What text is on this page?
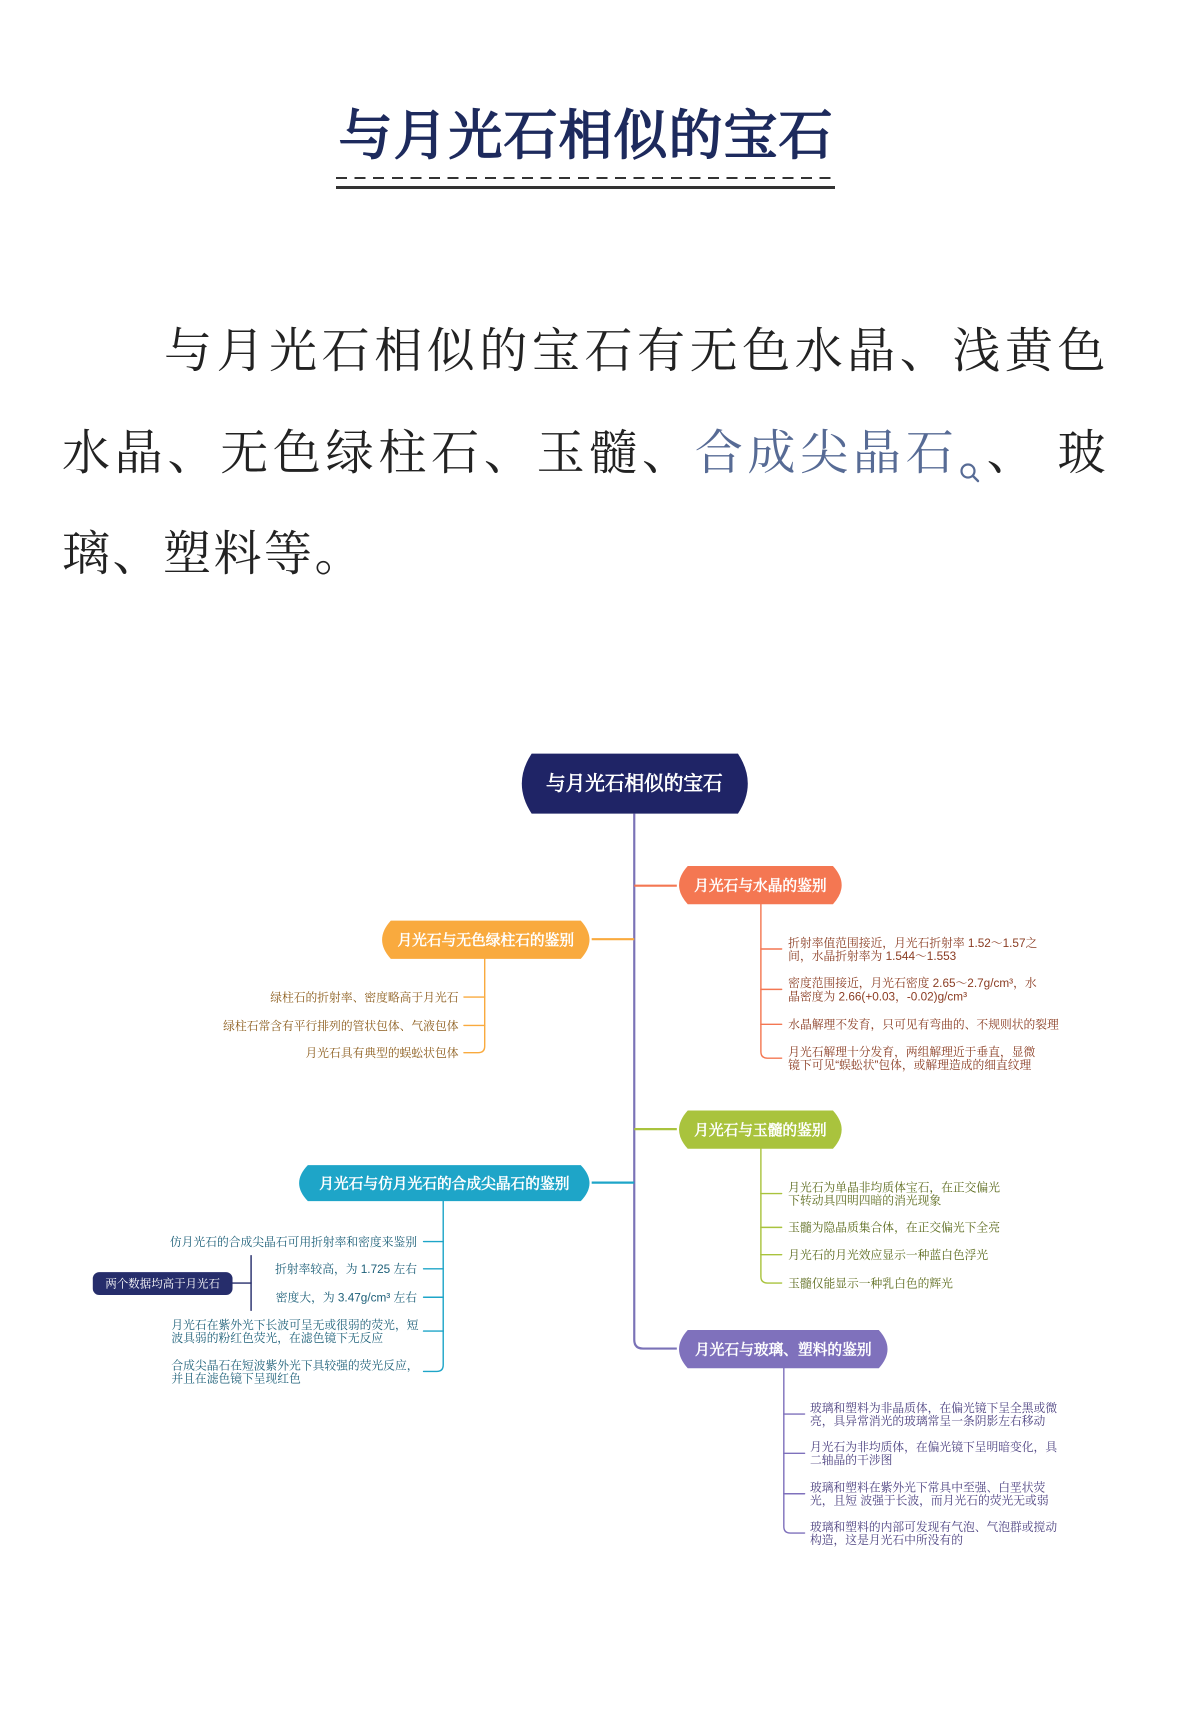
与月光石相似的宝石
与月光石相似的宝石有无色水晶、浅黄色
水晶、无色绿柱石、玉髓、合成尖晶石 、 玻
璃、塑料等。
与月光石相似的宝石
月光石与水晶的鉴别
折射率值范围接近，月光石折射率 1.52～1.57之
间，水晶折射率为 1.544～1.553
密度范围接近，月光石密度 2.65～2.7g/cm³，水
晶密度为 2.66(+0.03，-0.02)g/cm³
水晶解理不发育，只可见有弯曲的、不规则状的裂理
月光石解理十分发育，两组解理近于垂直，显微
镜下可见“蜈蚣状”包体，或解理造成的细直纹理
月光石与无色绿柱石的鉴别
绿柱石的折射率、密度略高于月光石
绿柱石常含有平行排列的管状包体、气液包体
月光石具有典型的蜈蚣状包体
月光石与玉髓的鉴别
月光石为单晶非均质体宝石，在正交偏光
下转动具四明四暗的消光现象
玉髓为隐晶质集合体，在正交偏光下全亮
月光石的月光效应显示一种蓝白色浮光
玉髓仅能显示一种乳白色的辉光
月光石与仿月光石的合成尖晶石的鉴别
仿月光石的合成尖晶石可用折射率和密度来鉴别
折射率较高，为 1.725 左右
密度大，为 3.47g/cm³ 左右
月光石在紫外光下长波可呈无或很弱的荧光，短
波具弱的粉红色荧光，在滤色镜下无反应
合成尖晶石在短波紫外光下具较强的荧光反应，
并且在滤色镜下呈现红色
两个数据均高于月光石
月光石与玻璃、塑料的鉴别
玻璃和塑料为非晶质体，在偏光镜下呈全黑或微
亮，具异常消光的玻璃常呈一条阴影左右移动
月光石为非均质体，在偏光镜下呈明暗变化，具
二轴晶的干涉图
玻璃和塑料在紫外光下常具中至强、白垩状荧
光，且短 波强于长波，而月光石的荧光无或弱
玻璃和塑料的内部可发现有气泡、气泡群或搅动
构造，这是月光石中所没有的
